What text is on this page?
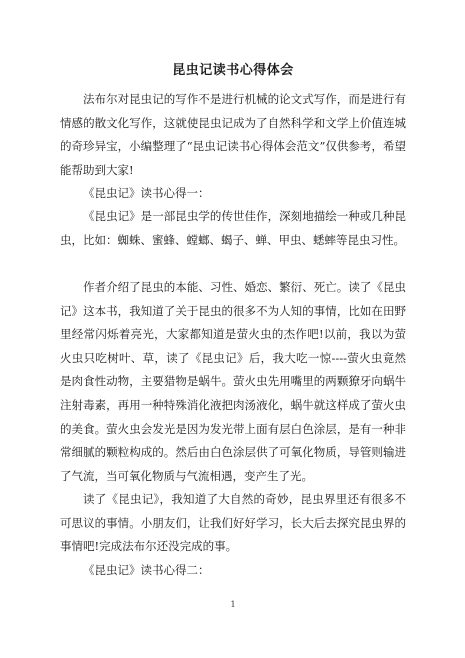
昆虫记读书心得体会

法布尔对昆虫记的写作不是进行机械的论文式写作，而是进行有情感的散文化写作，这就使昆虫记成为了自然科学和文学上价值连城的奇珍异宝，小编整理了“昆虫记读书心得体会范文”仅供参考，希望能帮助到大家!

《昆虫记》读书心得一：

《昆虫记》是一部昆虫学的传世佳作，深刻地描绘一种或几种昆虫，比如：蜘蛛、蜜蜂、螳螂、蝎子、蝉、甲虫、蟋蟀等昆虫习性。

作者介绍了昆虫的本能、习性、婚恋、繁衍、死亡。读了《昆虫记》这本书，我知道了关于昆虫的很多不为人知的事情，比如在田野里经常闪烁着亮光，大家都知道是萤火虫的杰作吧!以前，我以为萤火虫只吃树叶、草，读了《昆虫记》后，我大吃一惊----萤火虫竟然是肉食性动物，主要猎物是蜗牛。萤火虫先用嘴里的两颗獠牙向蜗牛注射毒素，再用一种特殊消化液把肉汤液化，蜗牛就这样成了萤火虫的美食。萤火虫会发光是因为发光带上面有层白色涂层，是有一种非常细腻的颗粒构成的。然后由白色涂层供了可氧化物质，导管则输进了气流，当可氧化物质与气流相遇，变产生了光。

读了《昆虫记》，我知道了大自然的奇妙，昆虫界里还有很多不可思议的事情。小朋友们，让我们好好学习，长大后去探究昆虫界的事情吧!完成法布尔还没完成的事。

《昆虫记》读书心得二：

1
